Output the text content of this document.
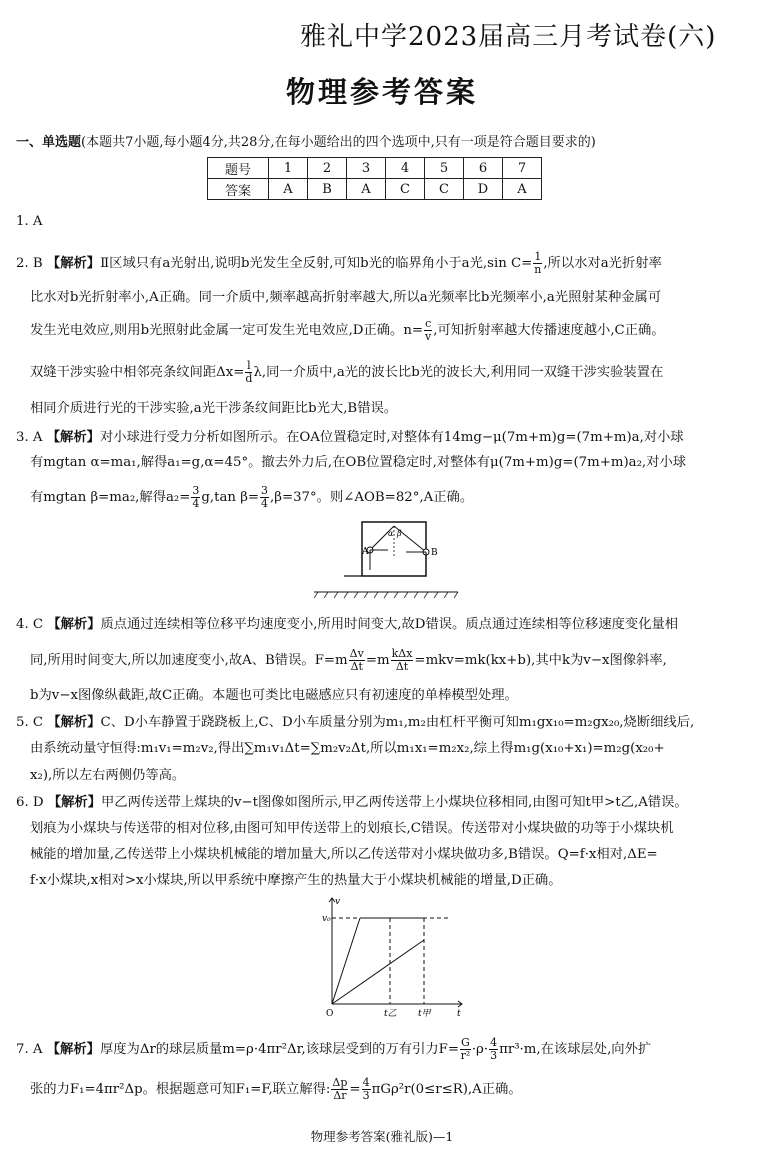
雅礼中学2023届高三月考试卷(六)
物理参考答案
一、单选题(本题共7小题,每小题4分,共28分,在每小题给出的四个选项中,只有一项是符合题目要求的)
题号	1	2	3	4	5	6	7
答案	A	B	A	C	C	D	A
1. A
2. B 【解析】Ⅱ区域只有a光射出,说明b光发生全反射,可知b光的临界角小于a光,sin $C= \frac{1}{n}$ ,所以水对a光折射率
比水对b光折射率小,A正确。同一介质中,频率越高折射率越大,所以a光频率比b光频率小,a光照射某种金属可
发生光电效应,则用b光照射此金属一定可发生光电效应,D正确。$n= \frac{c}{v}$ ,可知折射率越大传播速度越小,C正确。
双缝干涉实验中相邻亮条纹间距$\Delta x= \frac{l}{d} \lambda$,同一介质中,a光的波长比b光的波长大,利用同一双缝干涉实验装置在
相同介质进行光的干涉实验,a光干涉条纹间距比b光大,B错误。
3. A 【解析】对小球进行受力分析如图所示。在OA位置稳定时,对整体有14mg−μ(7m+m)g=(7m+m)a,对小球
有mgtan α=ma₁,解得a₁=g,α=45°。撤去外力后,在OB位置稳定时,对整体有μ(7m+m)g=(7m+m)a₂,对小球
有mgtan β=ma₂,解得$a_2= \frac{3}{4} g,\tan$ $\beta= \frac{3}{4} ,\beta=37^\circ$。则∠AOB=82°,A正确。
A	B
α β
4. C 【解析】质点通过连续相等位移平均速度变小,所用时间变大,故D错误。质点通过连续相等位移速度变化量相
同,所用时间变大,所以加速度变小,故A、B错误。$F=m \frac{\Delta v}{\Delta t} =m$ kΔx
Δt =mkv=mk(kx+b),其中k为v−x图像斜率,
b为v−x图像纵截距,故C正确。本题也可类比电磁感应只有初速度的单棒模型处理。
5. C 【解析】C、D小车静置于跷跷板上,C、D小车质量分别为m₁,m₂由杠杆平衡可知m₁gx₁₀=m₂gx₂₀,烧断细线后,
由系统动量守恒得:m₁v₁=m₂v₂,得出∑m₁v₁Δt=∑m₂v₂Δt,所以m₁x₁=m₂x₂,综上得m₁g(x₁₀+x₁)=m₂g(x₂₀+
x₂),所以左右两侧仍等高。
6. D 【解析】甲乙两传送带上煤块的v−t图像如图所示,甲乙两传送带上小煤块位移相同,由图可知t甲>t乙,A错误。
划痕为小煤块与传送带的相对位移,由图可知甲传送带上的划痕长,C错误。传送带对小煤块做的功等于小煤块机
械能的增加量,乙传送带上小煤块机械能的增加量大,所以乙传送带对小煤块做功多,B错误。Q=f·x相对,ΔE=
f·x小煤块,x相对>x小煤块,所以甲系统中摩擦产生的热量大于小煤块机械能的增量,D正确。
v₀
v
t
O	t乙 t甲
7. A 【解析】厚度为Δr的球层质量m=ρ·4πr²Δr,该球层受到的万有引力$F= \frac{G}{\text{r²}} \cdot\rho\cdot \frac{4}{3} \pi r^3\cdot m$,在该球层处,向外扩
张的力F₁=4πr²Δp。根据题意可知F₁=F,联立解得: $\frac{\Delta p}{\Delta r} = \frac{4}{3} \pi G\rho^2r(0\le r\le R),A$正确。
物理参考答案(雅礼版)—1
